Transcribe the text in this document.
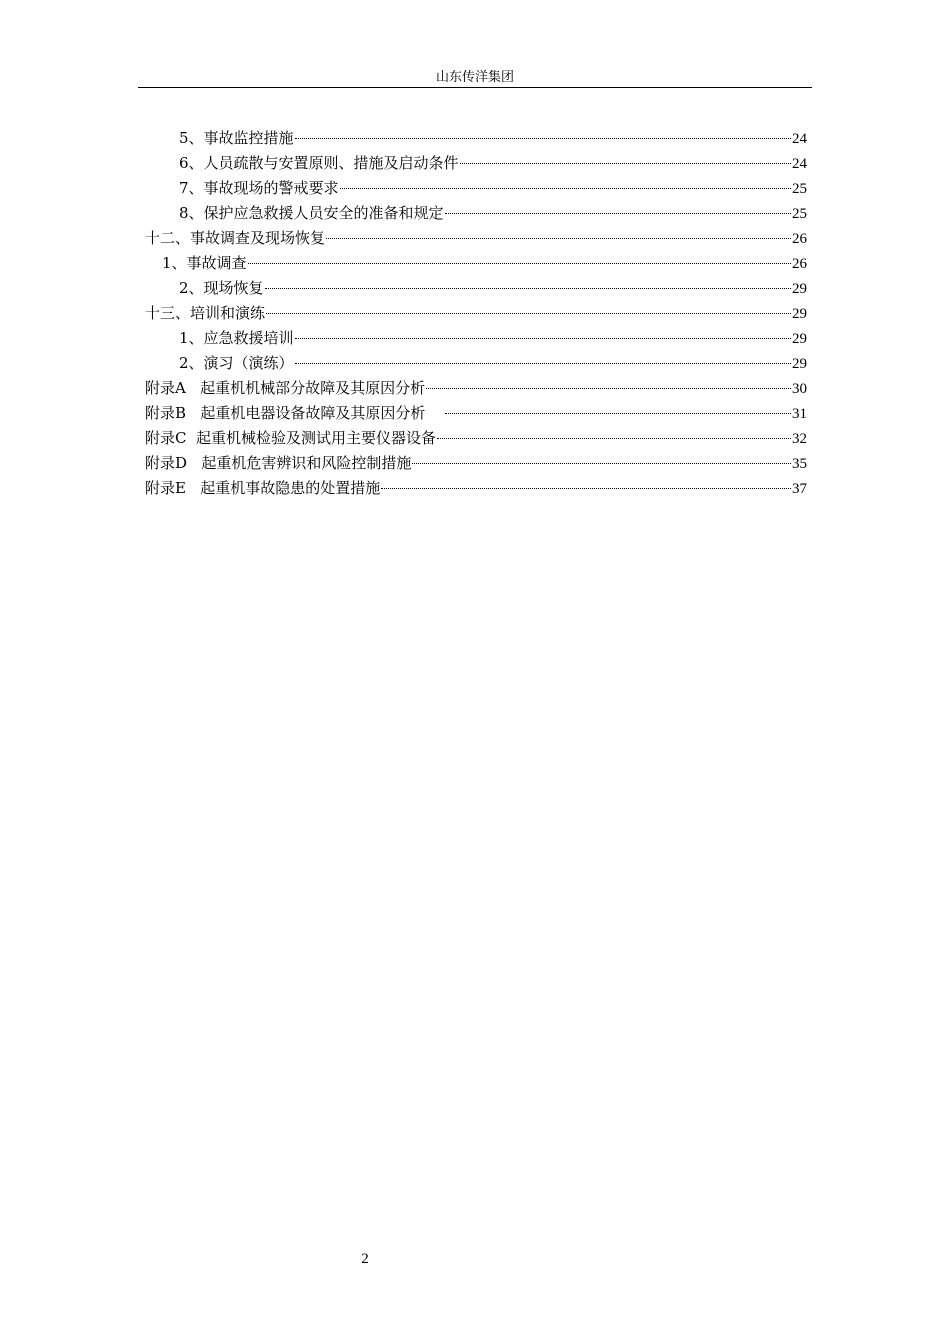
山东传洋集团
5、事故监控措施	24
6、人员疏散与安置原则、措施及启动条件	24
7、事故现场的警戒要求	25
8、保护应急救援人员安全的准备和规定	25
十二、事故调查及现场恢复	26
1、事故调查	26
2、现场恢复	29
十三、培训和演练	29
1、应急救援培训	29
2、演习（演练）	29
附录A   起重机机械部分故障及其原因分析	30
附录B   起重机电器设备故障及其原因分析	31
附录C  起重机械检验及测试用主要仪器设备	32
附录D   起重机危害辨识和风险控制措施	35
附录E   起重机事故隐患的处置措施	37
2
